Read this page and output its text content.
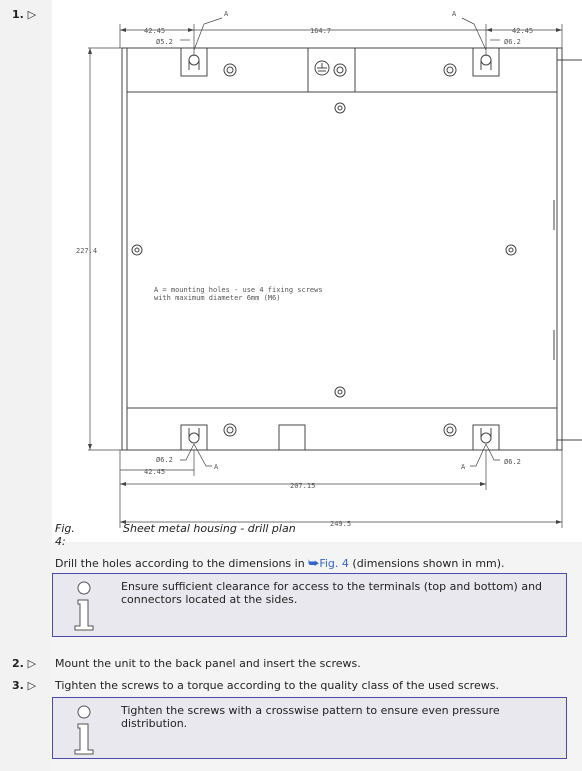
1. ▷
42.45
Ø5.2
A
164.7
A
42.45
Ø6.2
227.4
Ø6.2
A
42.45
A
Ø6.2
207.15
249.5
A = mounting holes - use 4 fixing screws
with maximum diameter 6mm (M6)
Fig. 4:
Sheet metal housing - drill plan
Drill the holes according to the dimensions in ⮩Fig. 4 (dimensions shown in mm).
Ensure sufficient clearance for access to the terminals (top and bottom) and connectors located at the sides.
2. ▷ Mount the unit to the back panel and insert the screws.
3. ▷ Tighten the screws to a torque according to the quality class of the used screws.
Tighten the screws with a crosswise pattern to ensure even pressure distribution.
